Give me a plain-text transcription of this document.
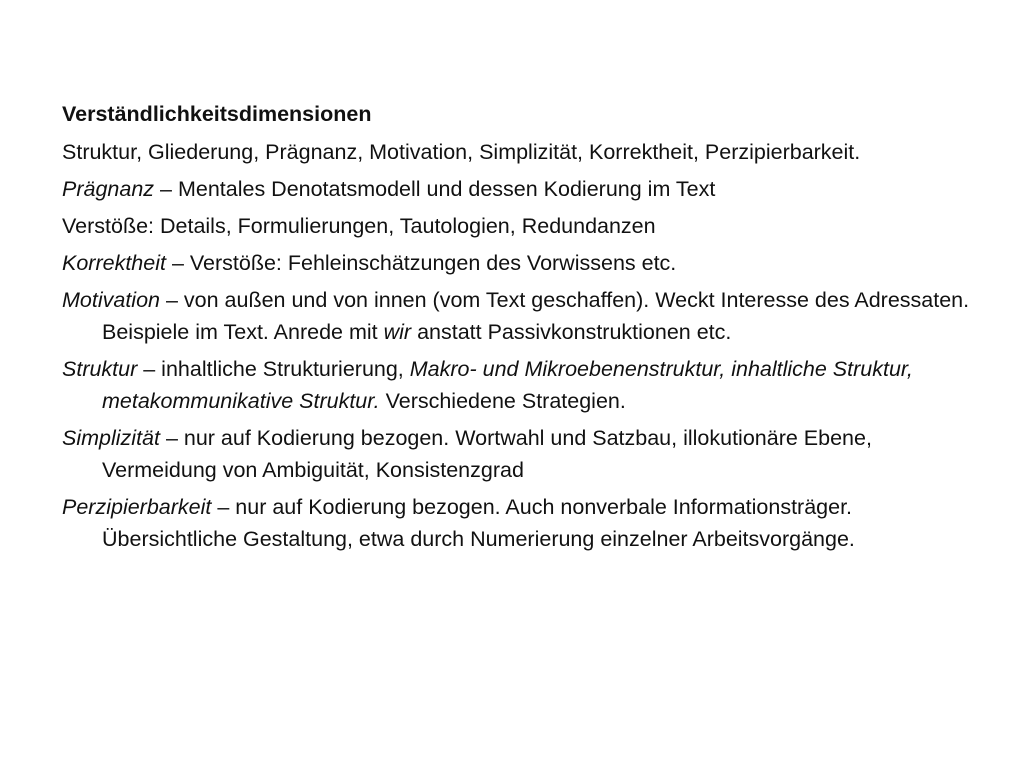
Verständlichkeitsdimensionen

Struktur, Gliederung, Prägnanz, Motivation, Simplizität, Korrektheit, Perzipierbarkeit.

Prägnanz – Mentales Denotatsmodell und dessen Kodierung im Text

Verstöße: Details, Formulierungen, Tautologien, Redundanzen

Korrektheit – Verstöße: Fehleinschätzungen des Vorwissens etc.

Motivation – von außen und von innen (vom Text geschaffen). Weckt Interesse des Adressaten. Beispiele im Text. Anrede mit wir anstatt Passivkonstruktionen etc.

Struktur – inhaltliche Strukturierung, Makro- und Mikroebenenstruktur, inhaltliche Struktur, metakommunikative Struktur. Verschiedene Strategien.

Simplizität – nur auf Kodierung bezogen. Wortwahl und Satzbau, illokutionäre Ebene, Vermeidung von Ambiguität, Konsistenzgrad

Perzipierbarkeit – nur auf Kodierung bezogen. Auch nonverbale Informationsträger. Übersichtliche Gestaltung, etwa durch Numerierung einzelner Arbeitsvorgänge.
